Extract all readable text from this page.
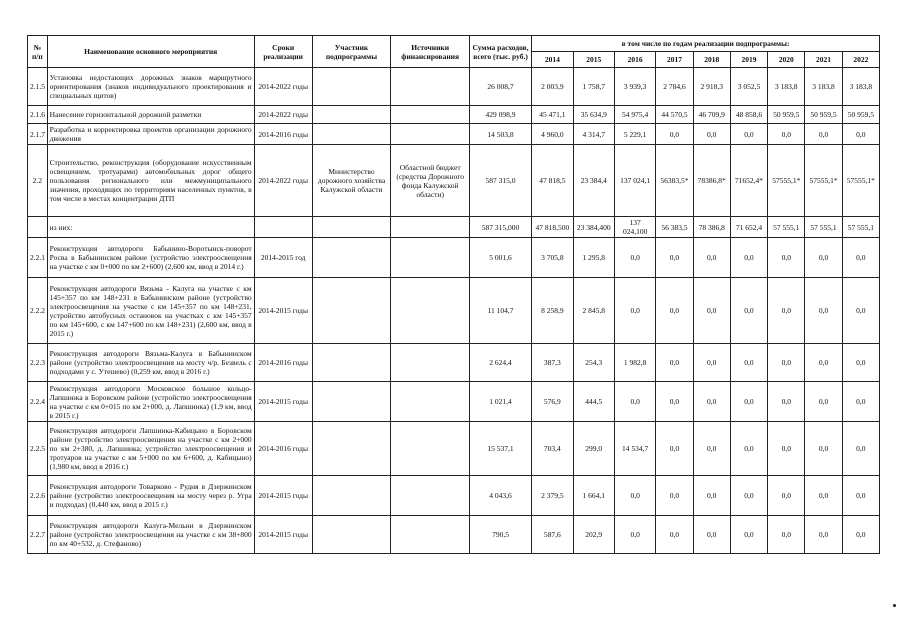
№ п/п	Наименование основного мероприятия	Сроки реализации	Участник подпрограммы	Источники финансирования	Сумма расходов, всего (тыс. руб.)	в том числе по годам реализации подпрограммы:								
						2014	2015	2016	2017	2018	2019	2020	2021	2022
2.1.5	Установка недостающих дорожных знаков маршрутного ориентирования (знаков индивидуального проектирования и специальных щитов)	2014-2022 годы			26 008,7	2 003,9	1 758,7	3 939,3	2 784,6	2 918,3	3 052,5	3 183,8	3 183,8	3 183,8
2.1.6	Нанесение горизонтальной дорожной разметки	2014-2022 годы			429 098,9	45 471,1	35 634,9	54 975,4	44 570,5	46 709,9	48 858,6	50 959,5	50 959,5	50 959,5
2.1.7	Разработка и корректировка проектов организации дорожного движения	2014-2016 годы			14 503,8	4 960,0	4 314,7	5 229,1	0,0	0,0	0,0	0,0	0,0	0,0
2.2	Строительство, реконструкция (оборудование искусственным освещением, тротуарами) автомобильных дорог общего пользования регионального или межмуниципального значения, проходящих по территориям населенных пунктов, в том числе в местах концентрации ДТП	2014-2022 годы	Министерство дорожного хозяйства Калужской области	Областной бюджет (средства Дорожного фонда Калужской области)	587 315,0	47 818,5	23 384,4	137 024,1	56383,5*	78386,8*	71652,4*	57555,1*	57555,1*	57555,1*
	из них:				587 315,000	47 818,500	23 384,400	137 024,100	56 383,5	78 386,8	71 652,4	57 555,1	57 555,1	57 555,1
2.2.1	Реконструкция автодороги Бабынино-Воротынск-поворот Росва в Бабынинском районе (устройство электроосвещения на участке с км 0+000 по км 2+600) (2,600 км, ввод в 2014 г.)	2014-2015 год			5 001,6	3 705,8	1 295,8	0,0	0,0	0,0	0,0	0,0	0,0	0,0
2.2.2	Реконструкция автодороги Вязьма - Калуга на участке с км 145+357 по км 148+231 в Бабынинском районе (устройство электроосвещения на участке с км 145+357 по км 148+231, устройство автобусных остановок на участках с км 145+357 по км 145+600, с км 147+600 по км 148+231) (2,600 км, ввод в 2015 г.)	2014-2015 годы			11 104,7	8 258,9	2 845,8	0,0	0,0	0,0	0,0	0,0	0,0	0,0
2.2.3	Реконструкция автодороги Вязьма-Калуга в Бабынинском районе (устройство электроосвещения на мосту ч/р. Безвель с подходами у с. Утешево) (0,259 км, ввод в 2016 г.)	2014-2016 годы			2 624,4	387,3	254,3	1 982,8	0,0	0,0	0,0	0,0	0,0	0,0
2.2.4	Реконструкция автодороги Московское большое кольцо-Лапшинка в Боровском районе (устройство электроосвещения на участке с км 0+015 по км 2+000, д. Лапшинка) (1,9 км, ввод в 2015 г.)	2014-2015 годы			1 021,4	576,9	444,5	0,0	0,0	0,0	0,0	0,0	0,0	0,0
2.2.5	Реконструкция автодороги Лапшинка-Кабицыно в Боровском районе (устройство электроосвещения на участке с км 2+000 по км 2+380, д. Лапшинка; устройство электроосвещения и тротуаров на участке с км 5+000 по км 6+600, д. Кабицыно) (1,980 км, ввод в 2016 г.)	2014-2016 годы			15 537,1	703,4	299,0	14 534,7	0,0	0,0	0,0	0,0	0,0	0,0
2.2.6	Реконструкция автодороги Товарково - Рудня в Дзержинском районе (устройство электроосвещения на мосту через р. Угра и подходах) (0,440 км, ввод в 2015 г.)	2014-2015 годы			4 043,6	2 379,5	1 664,1	0,0	0,0	0,0	0,0	0,0	0,0	0,0
2.2.7	Реконструкция автодороги Калуга-Мельни в Дзержинском районе (устройство электроосвещения на участке с км 38+800 по км 40+532, д. Стефаново)	2014-2015 годы			790,5	587,6	202,9	0,0	0,0	0,0	0,0	0,0	0,0	0,0
